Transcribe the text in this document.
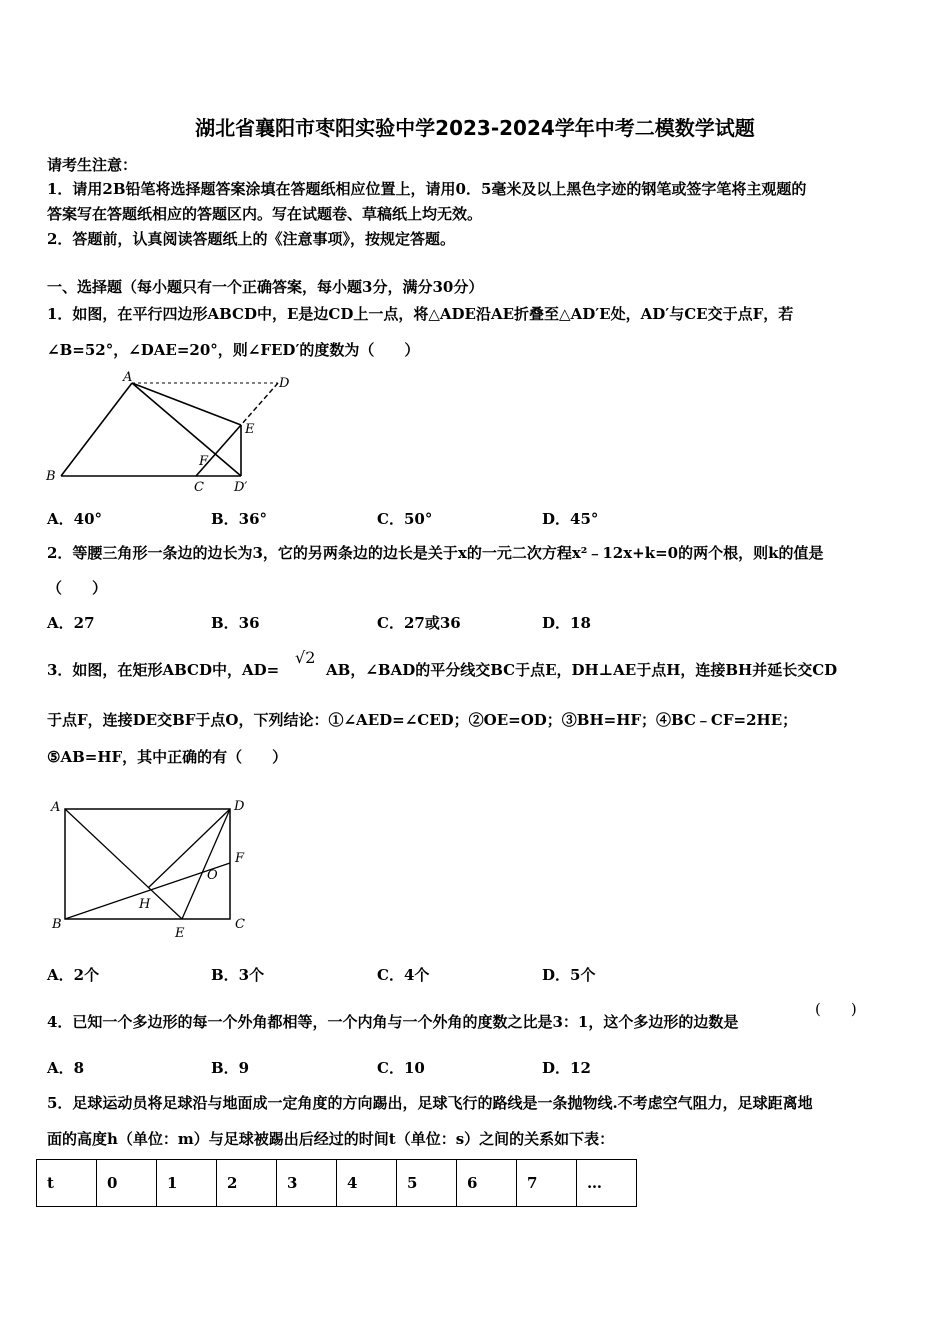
湖北省襄阳市枣阳实验中学2023-2024学年中考二模数学试题
请考生注意：
1．请用2B铅笔将选择题答案涂填在答题纸相应位置上，请用0．5毫米及以上黑色字迹的钢笔或签字笔将主观题的
答案写在答题纸相应的答题区内。写在试题卷、草稿纸上均无效。
2．答题前，认真阅读答题纸上的《注意事项》，按规定答题。
一、选择题（每小题只有一个正确答案，每小题3分，满分30分）
1．如图，在平行四边形ABCD中，E是边CD上一点，将△ADE沿AE折叠至△AD′E处，AD′与CE交于点F，若
∠B=52°，∠DAE=20°，则∠FED′的度数为（　　）
A	D
E
F
B
C D′
A．40°	B．36°	C．50°	D．45°
2．等腰三角形一条边的边长为3，它的另两条边的边长是关于x的一元二次方程x²﹣12x+k=0的两个根，则k的值是
（　　）
A．27	B．36	C．27或36	D．18
3．如图，在矩形ABCD中，AD=
√2
AB，∠BAD的平分线交BC于点E，DH⊥AE于点H，连接BH并延长交CD
于点F，连接DE交BF于点O，下列结论：①∠AED=∠CED；②OE=OD；③BH=HF；④BC﹣CF=2HE；
⑤AB=HF，其中正确的有（　　）
A	D
F
O
H
B
E
C
A．2个	B．3个	C．4个	D．5个
4．已知一个多边形的每一个外角都相等，一个内角与一个外角的度数之比是3：1，这个多边形的边数是
(　　)
A．8	B．9	C．10	D．12
5．足球运动员将足球沿与地面成一定角度的方向踢出，足球飞行的路线是一条抛物线.不考虑空气阻力，足球距离地
面的高度h（单位：m）与足球被踢出后经过的时间t（单位：s）之间的关系如下表：
t	0	1	2	3	4	5	6	7	…
